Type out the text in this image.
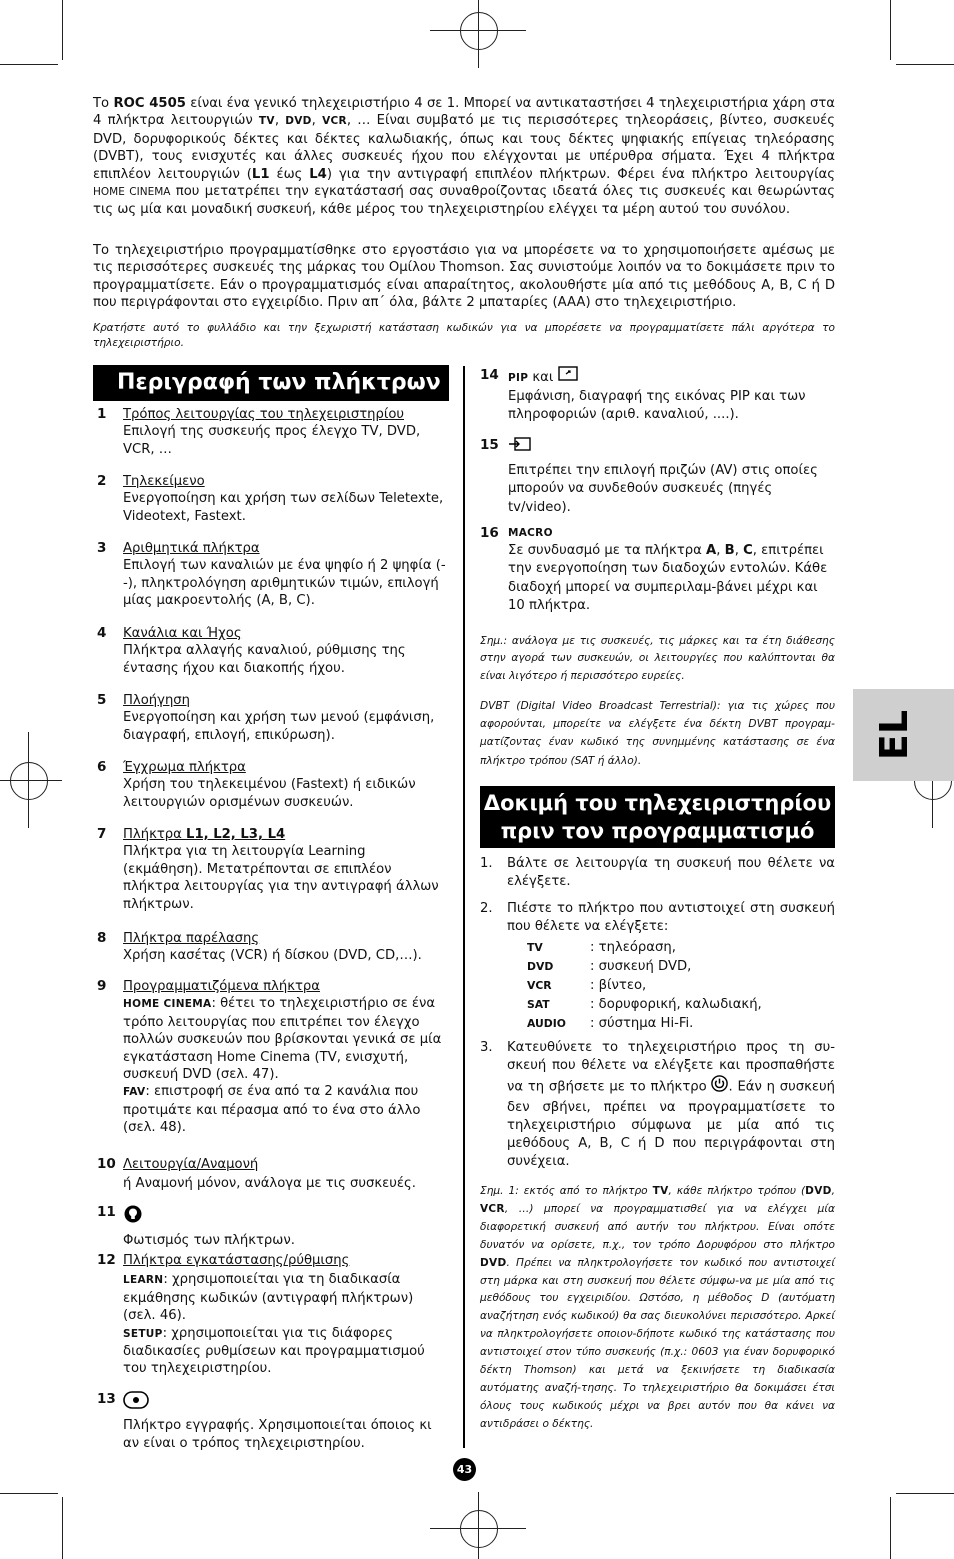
Το ROC 4505 είναι ένα γενικό τηλεχειριστήριο 4 σε 1. Μπορεί να αντικαταστήσει 4 τηλεχειριστήρια χάρη στα 4 πλήκτρα λειτουργιών TV, DVD, VCR, … Είναι συμβατό με τις περισσότερες τηλεοράσεις, βίντεο, συσκευές DVD, δορυφορικούς δέκτες και δέκτες καλωδιακής, όπως και τους δέκτες ψηφιακής επίγειας τηλεόρασης (DVBT), τους ενισχυτές και άλλες συσκευές ήχου που ελέγχονται με υπέρυθρα σήματα. Έχει 4 πλήκτρα επιπλέον λειτουργιών (L1 έως L4) για την αντιγραφή επιπλέον πλήκτρων. Φέρει ένα πλήκτρο λειτουργίας HOME CINEMA που μετατρέπει την εγκατάστασή σας συναθροίζοντας ιδεατά όλες τις συσκευές και θεωρώντας τις ως μία και μοναδική συσκευή, κάθε μέρος του τηλεχειριστηρίου ελέγχει τα μέρη αυτού του συνόλου.

Το τηλεχειριστήριο προγραμματίσθηκε στο εργοστάσιο για να μπορέσετε να το χρησιμοποιήσετε αμέσως με τις περισσότερες συσκευές της μάρκας του Ομίλου Thomson. Σας συνιστούμε λοιπόν να το δοκιμάσετε πριν το προγραμματίσετε. Εάν ο προγραμματισμός είναι απαραίτητος, ακολουθήστε μία από τις μεθόδους A, B, C ή D που περιγράφονται στο εγχειρίδιο. Πριν απ΄ όλα, βάλτε 2 μπαταρίες (AAA) στο τηλεχειριστήριο.

Κρατήστε αυτό το φυλλάδιο και την ξεχωριστή κατάσταση κωδικών για να μπορέσετε να προγραμματίσετε πάλι αργότερα το τηλεχειριστήριο.

Περιγραφή των πλήκτρων
1	Τρόπος λειτουργίας του τηλεχειριστηρίου
Επιλογή της συσκευής προς έλεγχο TV, DVD, VCR, …
2	Τηλεκείμενο
Ενεργοποίηση και χρήση των σελίδων Teletexte, Videotext, Fastext.
3	Αριθμητικά πλήκτρα
Επιλογή των καναλιών με ένα ψηφίο ή 2 ψηφία (--), πληκτρολόγηση αριθμητικών τιμών, επιλογή μίας μακροεντολής (A, B, C).
4	Κανάλια και Ήχος
Πλήκτρα αλλαγής καναλιού, ρύθμισης της έντασης ήχου και διακοπής ήχου.
5	Πλοήγηση
Ενεργοποίηση και χρήση των μενού (εμφάνιση, διαγραφή, επιλογή, επικύρωση).
6	Έγχρωμα πλήκτρα
Χρήση του τηλεκειμένου (Fastext) ή ειδικών λειτουργιών ορισμένων συσκευών.
7	Πλήκτρα L1, L2, L3, L4
Πλήκτρα για τη λειτουργία Learning (εκμάθηση). Μετατρέπονται σε επιπλέον πλήκτρα λειτουργίας για την αντιγραφή άλλων πλήκτρων.
8	Πλήκτρα παρέλασης
Χρήση κασέτας (VCR) ή δίσκου (DVD, CD,…).
9	Προγραμματιζόμενα πλήκτρα
HOME CINEMA: θέτει το τηλεχειριστήριο σε ένα τρόπο λειτουργίας που επιτρέπει τον έλεγχο πολλών συσκευών που βρίσκονται γενικά σε μία εγκατάσταση Home Cinema (TV, ενισχυτή, συσκευή DVD (σελ. 47).
FAV: επιστροφή σε ένα από τα 2 κανάλια που προτιμάτε και πέρασμα από το ένα στο άλλο (σελ. 48).
10 Λειτουργία/Αναμονή
ή Αναμονή μόνον, ανάλογα με τις συσκευές.
11
Φωτισμός των πλήκτρων.
12 Πλήκτρα εγκατάστασης/ρύθμισης
LEARN: χρησιμοποιείται για τη διαδικασία εκμάθησης κωδικών (αντιγραφή πλήκτρων) (σελ. 46).
SETUP: χρησιμοποιείται για τις διάφορες διαδικασίες ρυθμίσεων και προγραμματισμού του τηλεχειριστηρίου.
13
Πλήκτρο εγγραφής. Χρησιμοποιείται όποιος κι αν είναι ο τρόπος τηλεχειριστηρίου.
14 PIP και
Εμφάνιση, διαγραφή της εικόνας PIP και των πληροφοριών (αριθ. καναλιού, ....).
15
Επιτρέπει την επιλογή πριζών (AV) στις οποίες μπορούν να συνδεθούν συσκευές (πηγές tv/video).
16 MACRO
Σε συνδυασμό με τα πλήκτρα A, B, C, επιτρέπει την ενεργοποίηση των διαδοχών εντολών. Κάθε διαδοχή μπορεί να συμπεριλαμ-βάνει μέχρι και 10 πλήκτρα.

Σημ.: ανάλογα με τις συσκευές, τις μάρκες και τα έτη διάθεσης στην αγορά των συσκευών, οι λειτουργίες που καλύπτονται θα είναι λιγότερο ή περισσότερο ευρείες.

DVBT (Digital Video Broadcast Terrestrial): για τις χώρες που αφορούνται, μπορείτε να ελέγξετε ένα δέκτη DVBT προγραμ-ματίζοντας έναν κωδικό της συνημμένης κατάστασης σε ένα πλήκτρο τρόπου (SAT ή άλλο).

EL
Δοκιμή του τηλεχειριστηρίου
πριν τον προγραμματισμό
1.	Βάλτε σε λειτουργία τη συσκευή που θέλετε να ελέγξετε.
2.	Πιέστε το πλήκτρο που αντιστοιχεί στη συσκευή που θέλετε να ελέγξετε:
TV	: τηλεόραση,
DVD	: συσκευή DVD,
VCR	: βίντεο,
SAT	: δορυφορική, καλωδιακή,
AUDIO	: σύστημα Hi-Fi.
3.	Κατευθύνετε το τηλεχειριστήριο προς τη συ-σκευή που θέλετε να ελέγξετε και προσπαθήστε να τη σβήσετε με το πλήκτρο . Εάν η συσκευή δεν σβήνει, πρέπει να προγραμματίσετε το τηλεχειριστήριο σύμφωνα με μία από τις μεθόδους A, B, C ή D που περιγράφονται στη συνέχεια.

Σημ. 1: εκτός από το πλήκτρο TV, κάθε πλήκτρο τρόπου (DVD, VCR, …) μπορεί να προγραμματισθεί για να ελέγχει μία διαφορετική συσκευή από αυτήν του πλήκτρου. Είναι οπότε δυνατόν να ορίσετε, π.χ., τον τρόπο Δορυφόρου στο πλήκτρο DVD. Πρέπει να πληκτρολογήσετε τον κωδικό που αντιστοιχεί στη μάρκα και στη συσκευή που θέλετε σύμφω-να με μία από τις μεθόδους του εγχειριδίου. Ωστόσο, η μέθοδος D (αυτόματη αναζήτηση ενός κωδικού) θα σας διευκολύνει περισσότερο. Αρκεί να πληκτρολογήσετε οποιον-δήποτε κωδικό της κατάστασης που αντιστοιχεί στον τύπο συσκευής (π.χ.: 0603 για έναν δορυφορικό δέκτη Thomson) και μετά να ξεκινήσετε τη διαδικασία αυτόματης αναζή-τησης. Το τηλεχειριστήριο θα δοκιμάσει έτσι όλους τους κωδικούς μέχρι να βρει αυτόν που θα κάνει να αντιδράσει ο δέκτης.

43
